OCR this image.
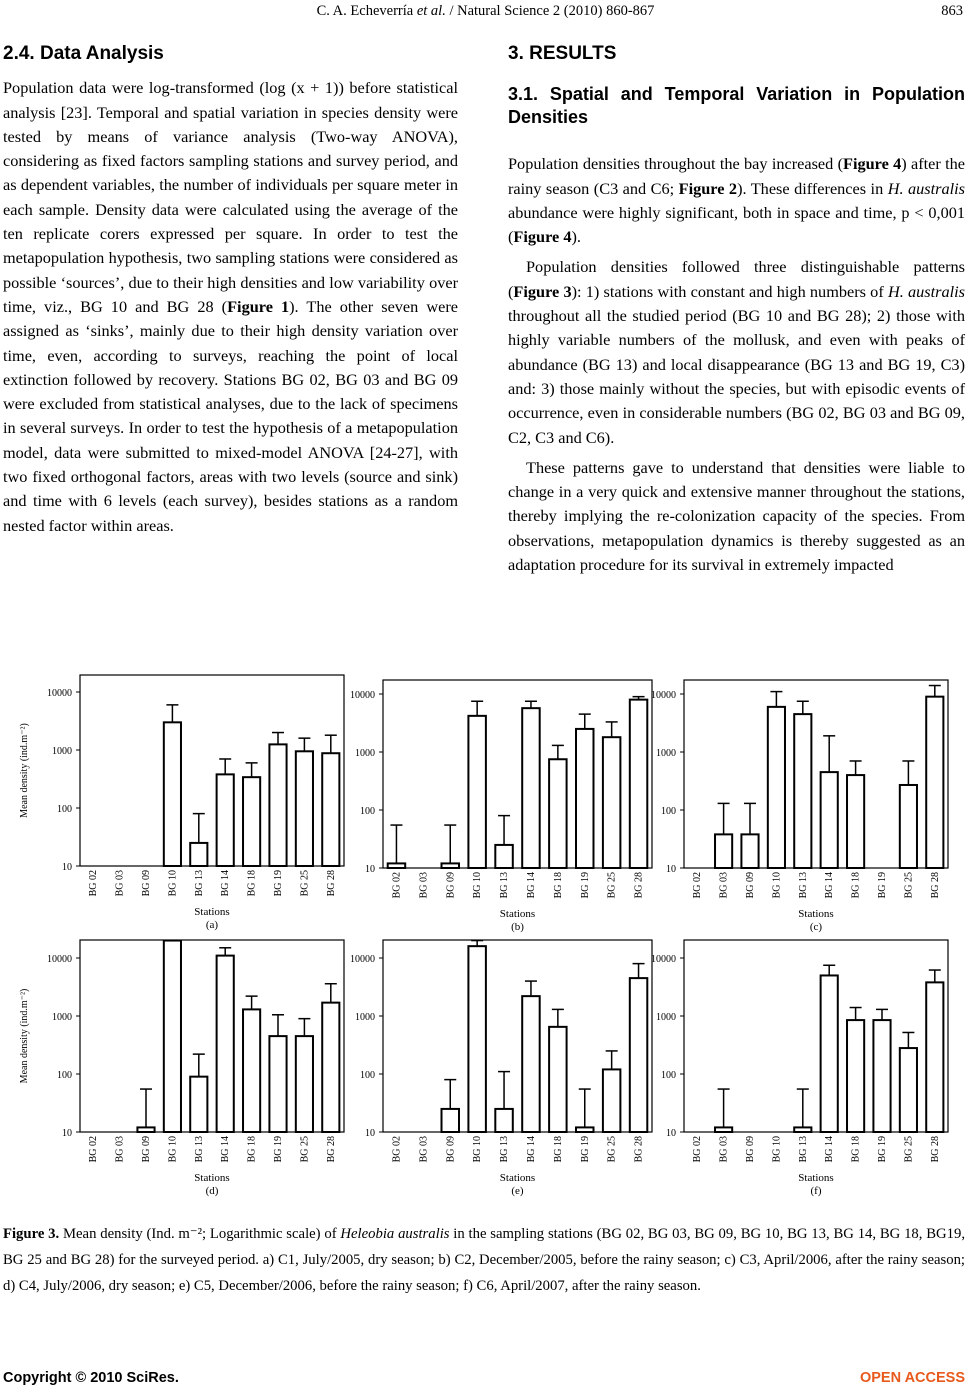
C. A. Echeverría et al. / Natural Science 2 (2010) 860-867	863
2.4. Data Analysis

Population data were log-transformed (log (x + 1)) before statistical analysis [23]. Temporal and spatial variation in species density were tested by means of variance analysis (Two-way ANOVA), considering as fixed factors sampling stations and survey period, and as dependent variables, the number of individuals per square meter in each sample. Density data were calculated using the average of the ten replicate corers expressed per square. In order to test the metapopulation hypothesis, two sampling stations were considered as possible ‘sources’, due to their high densities and low variability over time, viz., BG 10 and BG 28 (Figure 1). The other seven were assigned as ‘sinks’, mainly due to their high density variation over time, even, according to surveys, reaching the point of local extinction followed by recovery. Stations BG 02, BG 03 and BG 09 were excluded from statistical analyses, due to the lack of specimens in several surveys. In order to test the hypothesis of a metapopulation model, data were submitted to mixed-model ANOVA [24-27], with two fixed orthogonal factors, areas with two levels (source and sink) and time with 6 levels (each survey), besides stations as a random nested factor within areas.

3. RESULTS
3.1. Spatial and Temporal Variation in Population Densities

Population densities throughout the bay increased (Figure 4) after the rainy season (C3 and C6; Figure 2). These differences in H. australis abundance were highly significant, both in space and time, p < 0,001 (Figure 4).

Population densities followed three distinguishable patterns (Figure 3): 1) stations with constant and high numbers of H. australis throughout all the studied period (BG 10 and BG 28); 2) those with highly variable numbers of the mollusk, and even with peaks of abundance (BG 13) and local disappearance (BG 13 and BG 19, C3) and: 3) those mainly without the species, but with episodic events of occurrence, even in considerable numbers (BG 02, BG 03 and BG 09, C2, C3 and C6).

These patterns gave to understand that densities were liable to change in a very quick and extensive manner throughout the stations, thereby implying the re-colonization capacity of the species. From observations, metapopulation dynamics is thereby suggested as an adaptation procedure for its survival in extremely impacted

10
100
1000
10000
BG 02 BG 03 BG 09 BG 10 BG 13 BG 14 BG 18 BG 19 BG 25 BG 28
Stations
(a)
Mean density (ind.m⁻²)
10
100
1000
10000
BG 02 BG 03 BG 09 BG 10 BG 13 BG 14 BG 18 BG 19 BG 25 BG 28
Stations
(b)
10
100
1000
10000
BG 02 BG 03 BG 09 BG 10 BG 13 BG 14 BG 18 BG 19 BG 25 BG 28
Stations
(c)
10
100
1000
10000
BG 02 BG 03 BG 09 BG 10 BG 13 BG 14 BG 18 BG 19 BG 25 BG 28
Stations
(d)
Mean density (ind.m⁻²)
10
100
1000
10000
BG 02 BG 03 BG 09 BG 10 BG 13 BG 14 BG 18 BG 19 BG 25 BG 28
Stations
(e)
10
100
1000
10000
BG 02 BG 03 BG 09 BG 10 BG 13 BG 14 BG 18 BG 19 BG 25 BG 28
Stations
(f)
Figure 3. Mean density (Ind. m⁻²; Logarithmic scale) of Heleobia australis in the sampling stations (BG 02, BG 03, BG 09, BG 10, BG 13, BG 14, BG 18, BG19, BG 25 and BG 28) for the surveyed period. a) C1, July/2005, dry season; b) C2, December/2005, before the rainy season; c) C3, April/2006, after the rainy season; d) C4, July/2006, dry season; e) C5, December/2006, before the rainy season; f) C6, April/2007, after the rainy season.
Copyright © 2010 SciRes.	OPEN ACCESS
